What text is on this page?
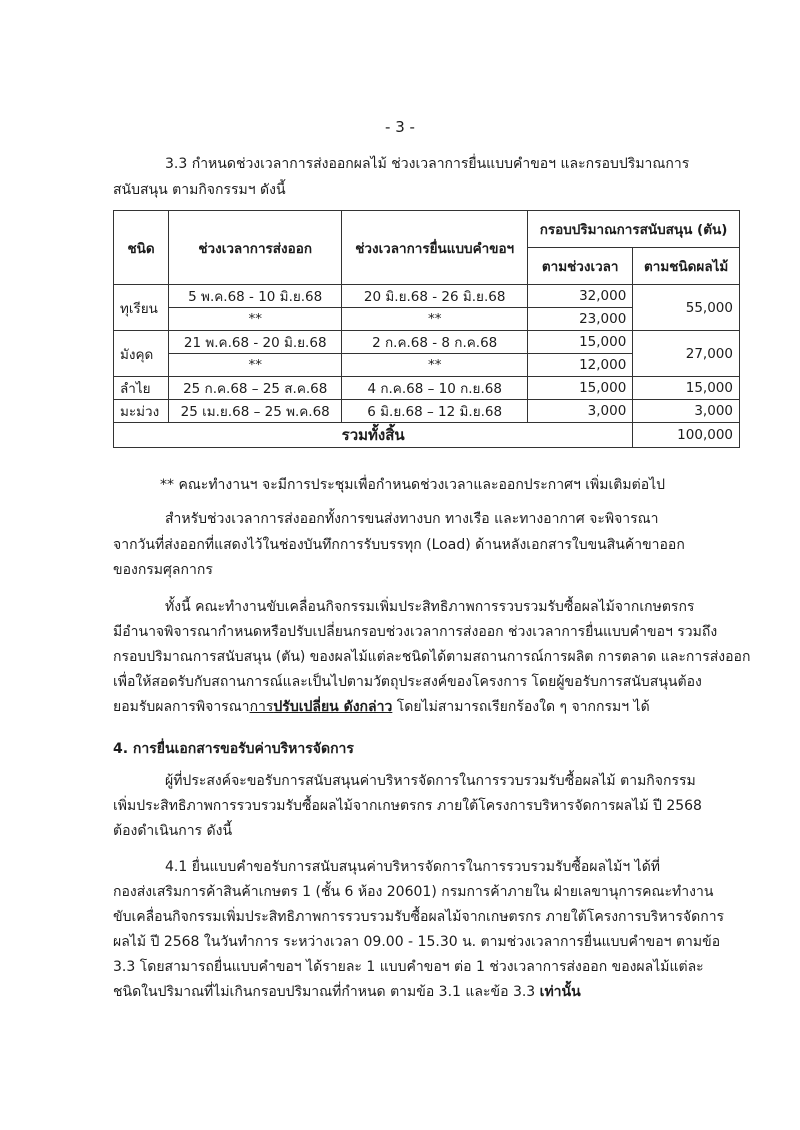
- 3 -
3.3 กำหนดช่วงเวลาการส่งออกผลไม้ ช่วงเวลาการยื่นแบบคำขอฯ และกรอบปริมาณการ
สนับสนุน ตามกิจกรรมฯ ดังนี้
ชนิด	ช่วงเวลาการส่งออก	ช่วงเวลาการยื่นแบบคำขอฯ	กรอบปริมาณการสนับสนุน (ตัน)	
			ตามช่วงเวลา	ตามชนิดผลไม้
ทุเรียน	5 พ.ค.68 - 10 มิ.ย.68	20 มิ.ย.68 - 26 มิ.ย.68	32,000	55,000
	**	**	23,000	
มังคุด	21 พ.ค.68 - 20 มิ.ย.68	2 ก.ค.68 - 8 ก.ค.68	15,000	27,000
	**	**	12,000	
ลำไย	25 ก.ค.68 – 25 ส.ค.68	4 ก.ค.68 – 10 ก.ย.68	15,000	15,000
มะม่วง	25 เม.ย.68 – 25 พ.ค.68	6 มิ.ย.68 – 12 มิ.ย.68	3,000	3,000
รวมทั้งสิ้น				100,000
** คณะทำงานฯ จะมีการประชุมเพื่อกำหนดช่วงเวลาและออกประกาศฯ เพิ่มเติมต่อไป
สำหรับช่วงเวลาการส่งออกทั้งการขนส่งทางบก ทางเรือ และทางอากาศ จะพิจารณา
จากวันที่ส่งออกที่แสดงไว้ในช่องบันทึกการรับบรรทุก (Load) ด้านหลังเอกสารใบขนสินค้าขาออก
ของกรมศุลกากร
ทั้งนี้ คณะทำงานขับเคลื่อนกิจกรรมเพิ่มประสิทธิภาพการรวบรวมรับซื้อผลไม้จากเกษตรกร
มีอำนาจพิจารณากำหนดหรือปรับเปลี่ยนกรอบช่วงเวลาการส่งออก ช่วงเวลาการยื่นแบบคำขอฯ รวมถึง
กรอบปริมาณการสนับสนุน (ตัน) ของผลไม้แต่ละชนิดได้ตามสถานการณ์การผลิต การตลาด และการส่งออก
เพื่อให้สอดรับกับสถานการณ์และเป็นไปตามวัตถุประสงค์ของโครงการ โดยผู้ขอรับการสนับสนุนต้อง
ยอมรับผลการพิจารณาการปรับเปลี่ยน ดังกล่าว โดยไม่สามารถเรียกร้องใด ๆ จากกรมฯ ได้
4. การยื่นเอกสารขอรับค่าบริหารจัดการ
ผู้ที่ประสงค์จะขอรับการสนับสนุนค่าบริหารจัดการในการรวบรวมรับซื้อผลไม้ ตามกิจกรรม
เพิ่มประสิทธิภาพการรวบรวมรับซื้อผลไม้จากเกษตรกร ภายใต้โครงการบริหารจัดการผลไม้ ปี 2568
ต้องดำเนินการ ดังนี้
4.1 ยื่นแบบคำขอรับการสนับสนุนค่าบริหารจัดการในการรวบรวมรับซื้อผลไม้ฯ ได้ที่
กองส่งเสริมการค้าสินค้าเกษตร 1 (ชั้น 6 ห้อง 20601) กรมการค้าภายใน ฝ่ายเลขานุการคณะทำงาน
ขับเคลื่อนกิจกรรมเพิ่มประสิทธิภาพการรวบรวมรับซื้อผลไม้จากเกษตรกร ภายใต้โครงการบริหารจัดการ
ผลไม้ ปี 2568 ในวันทำการ ระหว่างเวลา 09.00 - 15.30 น. ตามช่วงเวลาการยื่นแบบคำขอฯ ตามข้อ
3.3 โดยสามารถยื่นแบบคำขอฯ ได้รายละ 1 แบบคำขอฯ ต่อ 1 ช่วงเวลาการส่งออก ของผลไม้แต่ละ
ชนิดในปริมาณที่ไม่เกินกรอบปริมาณที่กำหนด ตามข้อ 3.1 และข้อ 3.3 เท่านั้น
